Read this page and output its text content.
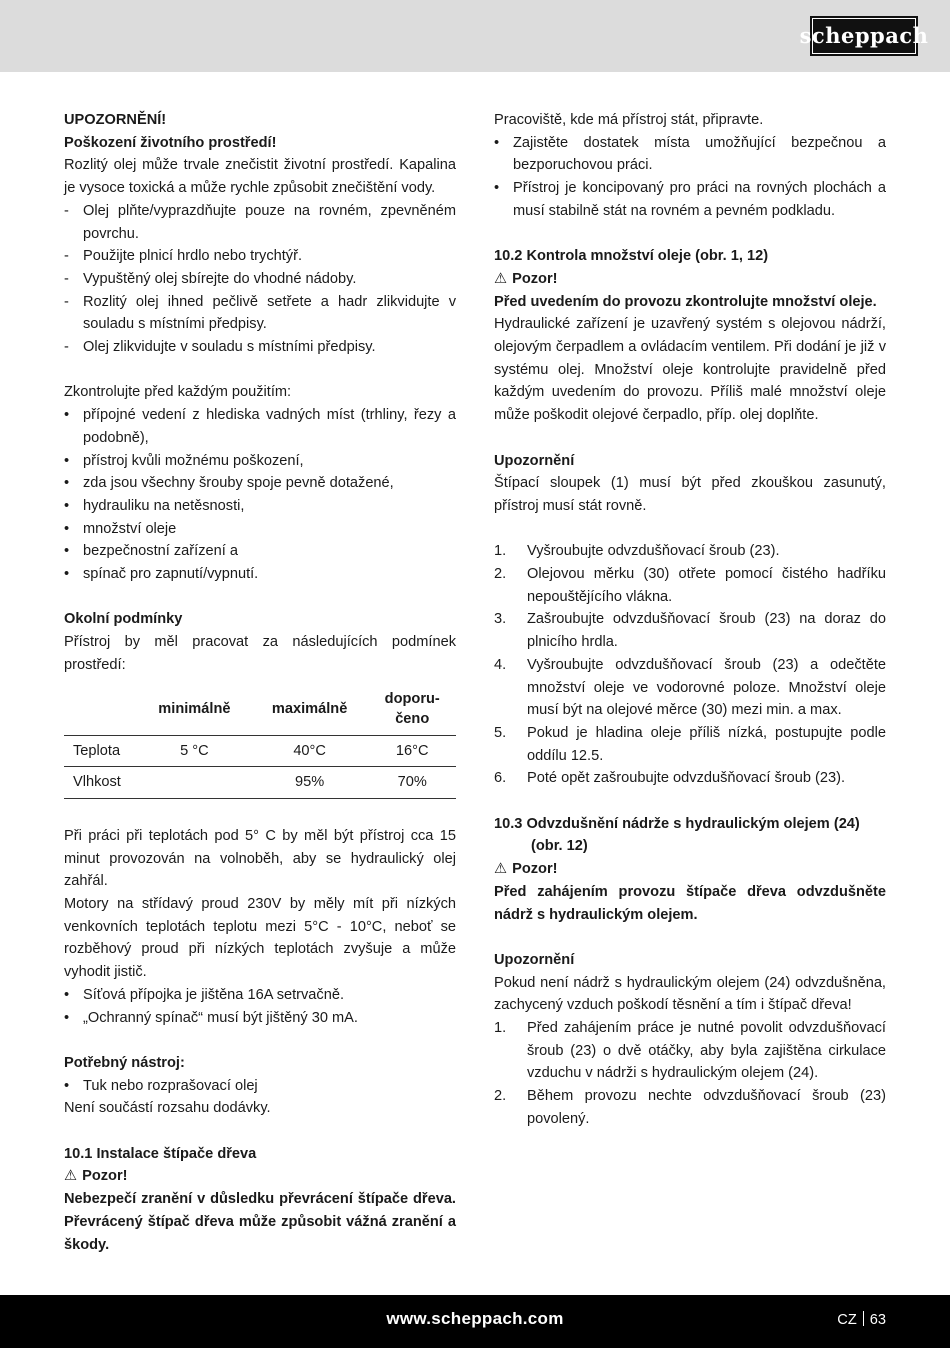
scheppach

UPOZORNĚNÍ!

Poškození životního prostředí!

Rozlitý olej může trvale znečistit životní prostředí. Kapalina je vysoce toxická a může rychle způsobit znečištění vody.

- Olej plňte/vyprazdňujte pouze na rovném, zpevněném povrchu.
- Použijte plnicí hrdlo nebo trychtýř.
- Vypuštěný olej sbírejte do vhodné nádoby.
- Rozlitý olej ihned pečlivě setřete a hadr zlikvidujte v souladu s místními předpisy.
- Olej zlikvidujte v souladu s místními předpisy.

Zkontrolujte před každým použitím:

• přípojné vedení z hlediska vadných míst (trhliny, řezy a podobně),
• přístroj kvůli možnému poškození,
• zda jsou všechny šrouby spoje pevně dotažené,
• hydrauliku na netěsnosti,
• množství oleje
• bezpečnostní zařízení a
• spínač pro zapnutí/vypnutí.

Okolní podmínky

Přístroj by měl pracovat za následujících podmínek prostředí:

	minimálně	maximálně	doporu-
čeno
Teplota	5 °C	40°C	16°C
Vlhkost		95%	70%

Při práci při teplotách pod 5° C by měl být přístroj cca 15 minut provozován na volnoběh, aby se hydraulický olej zahřál.

Motory na střídavý proud 230V by měly mít při nízkých venkovních teplotách teplotu mezi 5°C - 10°C, neboť se rozběhový proud při nízkých teplotách zvyšuje a může vyhodit jistič.

• Síťová přípojka je jištěna 16A setrvačně.
• „Ochranný spínač“ musí být jištěný 30 mA.

Potřebný nástroj:

• Tuk nebo rozprašovací olej

Není součástí rozsahu dodávky.

10.1 Instalace štípače dřeva

⚠ Pozor!

Nebezpečí zranění v důsledku převrácení štípače dřeva. Převrácený štípač dřeva může způsobit vážná zranění a škody.

Pracoviště, kde má přístroj stát, připravte.

• Zajistěte dostatek místa umožňující bezpečnou a bezporuchovou práci.
• Přístroj je koncipovaný pro práci na rovných plochách a musí stabilně stát na rovném a pevném podkladu.

10.2 Kontrola množství oleje (obr. 1, 12)

⚠ Pozor!

Před uvedením do provozu zkontrolujte množství oleje.

Hydraulické zařízení je uzavřený systém s olejovou nádrží, olejovým čerpadlem a ovládacím ventilem. Při dodání je již v systému olej. Množství oleje kontrolujte pravidelně před každým uvedením do provozu. Příliš malé množství oleje může poškodit olejové čerpadlo, příp. olej doplňte.

Upozornění

Štípací sloupek (1) musí být před zkouškou zasunutý, přístroj musí stát rovně.

1. Vyšroubujte odvzdušňovací šroub (23).
2. Olejovou měrku (30) otřete pomocí čistého hadříku nepouštějícího vlákna.
3. Zašroubujte odvzdušňovací šroub (23) na doraz do plnicího hrdla.
4. Vyšroubujte odvzdušňovací šroub (23) a odečtěte množství oleje ve vodorovné poloze. Množství oleje musí být na olejové měrce (30) mezi min. a max.
5. Pokud je hladina oleje příliš nízká, postupujte podle oddílu 12.5.
6. Poté opět zašroubujte odvzdušňovací šroub (23).

10.3 Odvzdušnění nádrže s hydraulickým olejem (24) (obr. 12)

⚠ Pozor!

Před zahájením provozu štípače dřeva odvzdušněte nádrž s hydraulickým olejem.

Upozornění

Pokud není nádrž s hydraulickým olejem (24) odvzdušněna, zachycený vzduch poškodí těsnění a tím i štípač dřeva!

1. Před zahájením práce je nutné povolit odvzdušňovací šroub (23) o dvě otáčky, aby byla zajištěna cirkulace vzduchu v nádrži s hydraulickým olejem (24).
2. Během provozu nechte odvzdušňovací šroub (23) povolený.
www.scheppach.com	CZ 63
